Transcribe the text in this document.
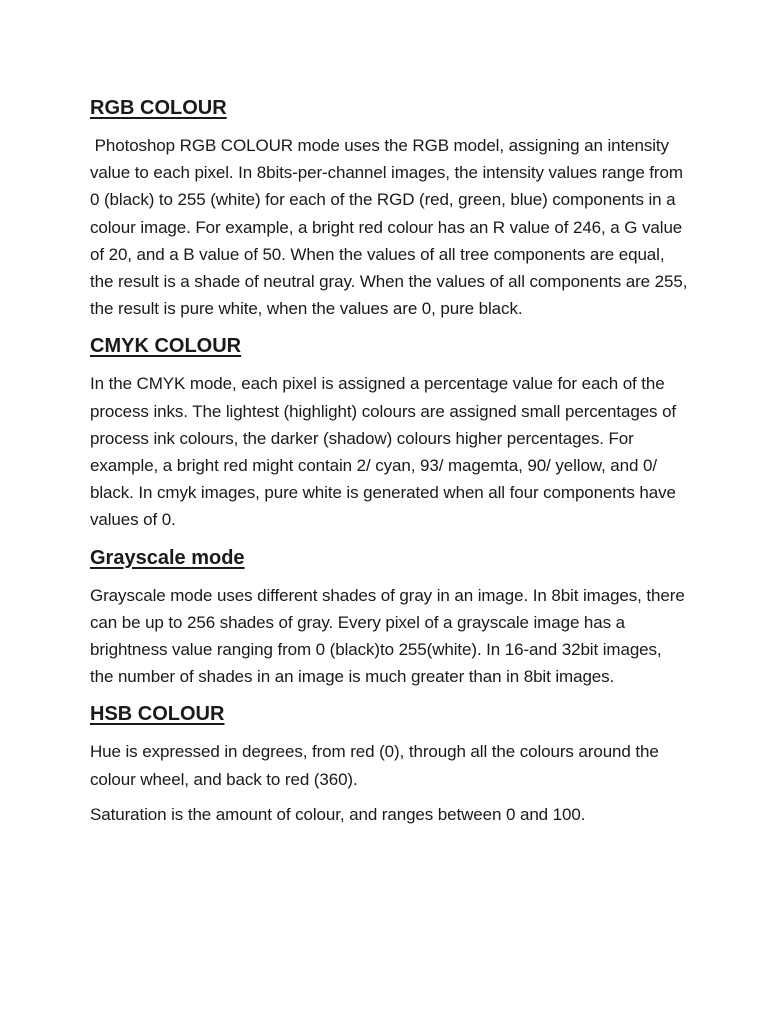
RGB COLOUR

Photoshop RGB COLOUR mode uses the RGB model, assigning an intensity value to each pixel. In 8bits-per-channel images, the intensity values range from 0 (black) to 255 (white) for each of the RGD (red, green, blue) components in a colour image. For example, a bright red colour has an R value of 246, a G value of 20, and a B value of 50. When the values of all tree components are equal, the result is a shade of neutral gray. When the values of all components are 255, the result is pure white, when the values are 0, pure black.

CMYK COLOUR

In the CMYK mode, each pixel is assigned a percentage value for each of the process inks. The lightest (highlight) colours are assigned small percentages of process ink colours, the darker (shadow) colours higher percentages. For example, a bright red might contain 2/ cyan, 93/ magemta, 90/ yellow, and 0/ black. In cmyk images, pure white is generated when all four components have values of 0.

Grayscale mode

Grayscale mode uses different shades of gray in an image. In 8bit images, there can be up to 256 shades of gray. Every pixel of a grayscale image has a brightness value ranging from 0 (black)to 255(white). In 16-and 32bit images, the number of shades in an image is much greater than in 8bit images.

HSB COLOUR

Hue is expressed in degrees, from red (0), through all the colours around the colour wheel, and back to red (360).

Saturation is the amount of colour, and ranges between 0 and 100.
